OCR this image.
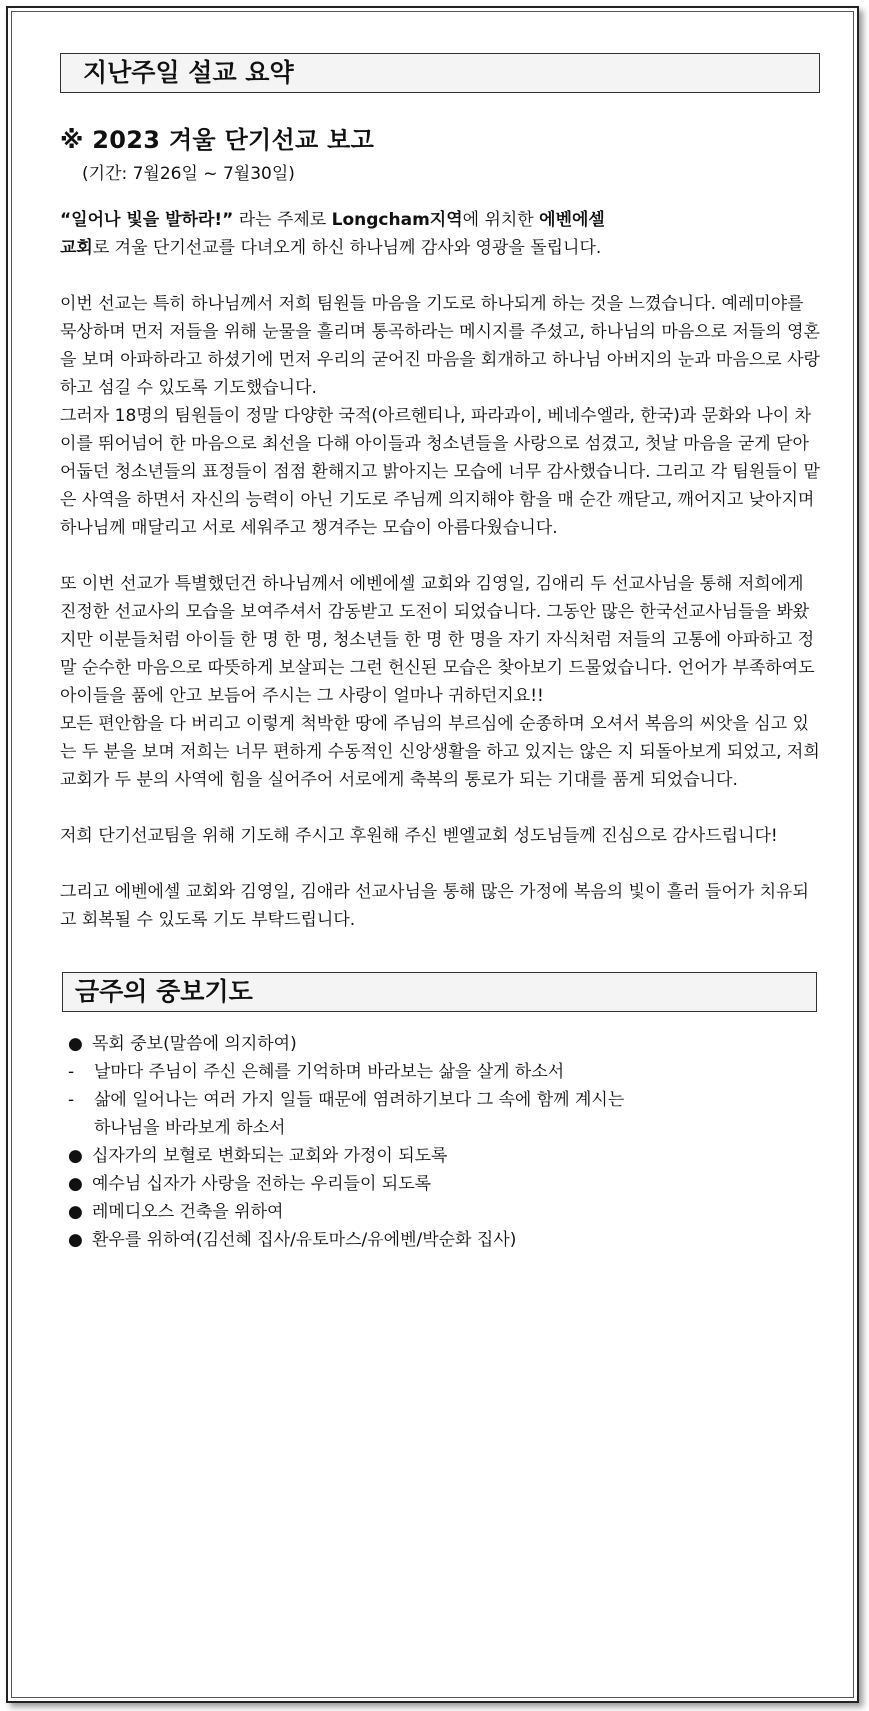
지난주일 설교 요약
※ 2023 겨울 단기선교 보고
(기간: 7월26일 ~ 7월30일)

“일어나 빛을 발하라!” 라는 주제로 Longcham지역에 위치한 에벤에셀
교회로 겨울 단기선교를 다녀오게 하신 하나님께 감사와 영광을 돌립니다.

이번 선교는 특히 하나님께서 저희 팀원들 마음을 기도로 하나되게 하는 것을 느꼈습니다. 예레미야를 묵상하며 먼저 저들을 위해 눈물을 흘리며 통곡하라는 메시지를 주셨고, 하나님의 마음으로 저들의 영혼을 보며 아파하라고 하셨기에 먼저 우리의 굳어진 마음을 회개하고 하나님 아버지의 눈과 마음으로 사랑하고 섬길 수 있도록 기도했습니다.

그러자 18명의 팀원들이 정말 다양한 국적(아르헨티나, 파라과이, 베네수엘라, 한국)과 문화와 나이 차이를 뛰어넘어 한 마음으로 최선을 다해 아이들과 청소년들을 사랑으로 섬겼고, 첫날 마음을 굳게 닫아 어둡던 청소년들의 표정들이 점점 환해지고 밝아지는 모습에 너무 감사했습니다. 그리고 각 팀원들이 맡은 사역을 하면서 자신의 능력이 아닌 기도로 주님께 의지해야 함을 매 순간 깨닫고, 깨어지고 낮아지며 하나님께 매달리고 서로 세워주고 챙겨주는 모습이 아름다웠습니다.

또 이번 선교가 특별했던건 하나님께서 에벤에셀 교회와 김영일, 김애리 두 선교사님을 통해 저희에게 진정한 선교사의 모습을 보여주셔서 감동받고 도전이 되었습니다. 그동안 많은 한국선교사님들을 봐왔지만 이분들처럼 아이들 한 명 한 명, 청소년들 한 명 한 명을 자기 자식처럼 저들의 고통에 아파하고 정말 순수한 마음으로 따뜻하게 보살피는 그런 헌신된 모습은 찾아보기 드물었습니다. 언어가 부족하여도 아이들을 품에 안고 보듬어 주시는 그 사랑이 얼마나 귀하던지요!!

모든 편안함을 다 버리고 이렇게 척박한 땅에 주님의 부르심에 순종하며 오셔서 복음의 씨앗을 심고 있는 두 분을 보며 저희는 너무 편하게 수동적인 신앙생활을 하고 있지는 않은 지 되돌아보게 되었고, 저희 교회가 두 분의 사역에 힘을 실어주어 서로에게 축복의 통로가 되는 기대를 품게 되었습니다.

저희 단기선교팀을 위해 기도해 주시고 후원해 주신 벧엘교회 성도님들께 진심으로 감사드립니다!

그리고 에벤에셀 교회와 김영일, 김애라 선교사님을 통해 많은 가정에 복음의 빛이 흘러 들어가 치유되고 회복될 수 있도록 기도 부탁드립니다.

금주의 중보기도
● 목회 중보(말씀에 의지하여)
- 날마다 주님이 주신 은혜를 기억하며 바라보는 삶을 살게 하소서
- 삶에 일어나는 여러 가지 일들 때문에 염려하기보다 그 속에 함께 계시는
하나님을 바라보게 하소서
● 십자가의 보혈로 변화되는 교회와 가정이 되도록
● 예수님 십자가 사랑을 전하는 우리들이 되도록
● 레메디오스 건축을 위하여
● 환우를 위하여(김선혜 집사/유토마스/유에벤/박순화 집사)
